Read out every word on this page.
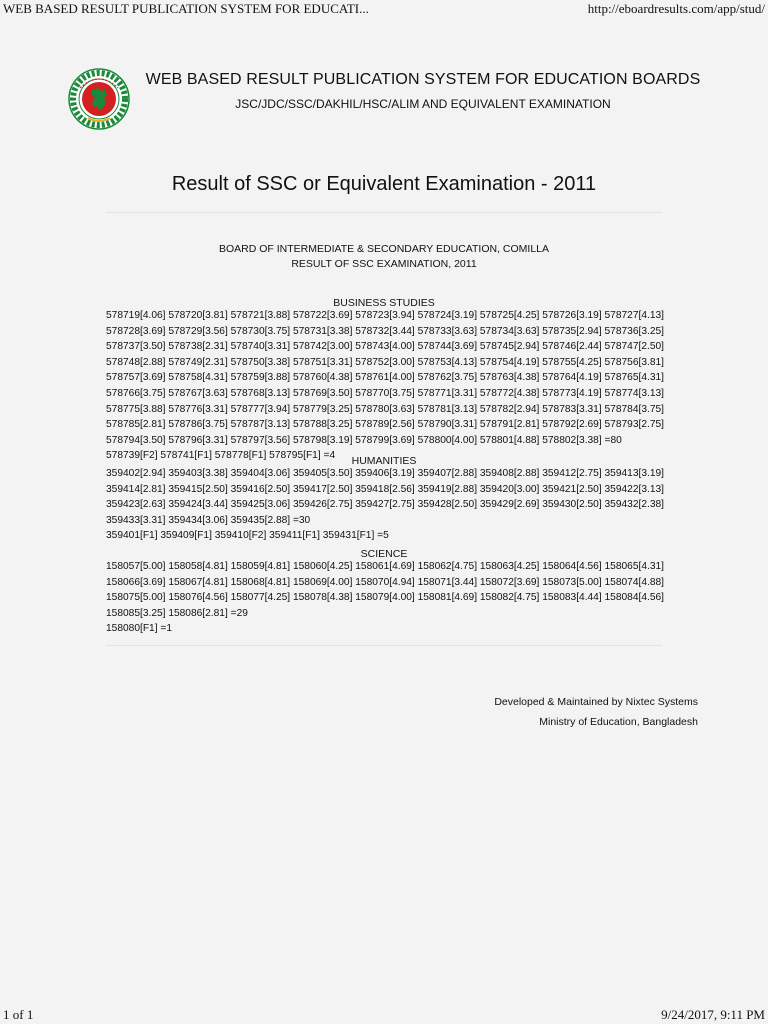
WEB BASED RESULT PUBLICATION SYSTEM FOR EDUCATI...	http://eboardresults.com/app/stud/
WEB BASED RESULT PUBLICATION SYSTEM FOR EDUCATION BOARDS
JSC/JDC/SSC/DAKHIL/HSC/ALIM AND EQUIVALENT EXAMINATION
Result of SSC or Equivalent Examination - 2011
BOARD OF INTERMEDIATE & SECONDARY EDUCATION, COMILLA
RESULT OF SSC EXAMINATION, 2011
BUSINESS STUDIES
578719[4.06] 578720[3.81] 578721[3.88] 578722[3.69] 578723[3.94] 578724[3.19] 578725[4.25] 578726[3.19] 578727[4.13]
578728[3.69] 578729[3.56] 578730[3.75] 578731[3.38] 578732[3.44] 578733[3.63] 578734[3.63] 578735[2.94] 578736[3.25]
578737[3.50] 578738[2.31] 578740[3.31] 578742[3.00] 578743[4.00] 578744[3.69] 578745[2.94] 578746[2.44] 578747[2.50]
578748[2.88] 578749[2.31] 578750[3.38] 578751[3.31] 578752[3.00] 578753[4.13] 578754[4.19] 578755[4.25] 578756[3.81]
578757[3.69] 578758[4.31] 578759[3.88] 578760[4.38] 578761[4.00] 578762[3.75] 578763[4.38] 578764[4.19] 578765[4.31]
578766[3.75] 578767[3.63] 578768[3.13] 578769[3.50] 578770[3.75] 578771[3.31] 578772[4.38] 578773[4.19] 578774[3.13]
578775[3.88] 578776[3.31] 578777[3.94] 578779[3.25] 578780[3.63] 578781[3.13] 578782[2.94] 578783[3.31] 578784[3.75]
578785[2.81] 578786[3.75] 578787[3.13] 578788[3.25] 578789[2.56] 578790[3.31] 578791[2.81] 578792[2.69] 578793[2.75]
578794[3.50] 578796[3.31] 578797[3.56] 578798[3.19] 578799[3.69] 578800[4.00] 578801[4.88] 578802[3.38] =80
578739[F2] 578741[F1] 578778[F1] 578795[F1] =4	HUMANITIES
359402[2.94] 359403[3.38] 359404[3.06] 359405[3.50] 359406[3.19] 359407[2.88] 359408[2.88] 359412[2.75] 359413[3.19]
359414[2.81] 359415[2.50] 359416[2.50] 359417[2.50] 359418[2.56] 359419[2.88] 359420[3.00] 359421[2.50] 359422[3.13]
359423[2.63] 359424[3.44] 359425[3.06] 359426[2.75] 359427[2.75] 359428[2.50] 359429[2.69] 359430[2.50] 359432[2.38]
359433[3.31] 359434[3.06] 359435[2.88] =30
359401[F1] 359409[F1] 359410[F2] 359411[F1] 359431[F1] =5
SCIENCE
158057[5.00] 158058[4.81] 158059[4.81] 158060[4.25] 158061[4.69] 158062[4.75] 158063[4.25] 158064[4.56] 158065[4.31]
158066[3.69] 158067[4.81] 158068[4.81] 158069[4.00] 158070[4.94] 158071[3.44] 158072[3.69] 158073[5.00] 158074[4.88]
158075[5.00] 158076[4.56] 158077[4.25] 158078[4.38] 158079[4.00] 158081[4.69] 158082[4.75] 158083[4.44] 158084[4.56]
158085[3.25] 158086[2.81] =29
158080[F1] =1
Developed & Maintained by Nixtec Systems
Ministry of Education, Bangladesh
1 of 1	9/24/2017, 9:11 PM
